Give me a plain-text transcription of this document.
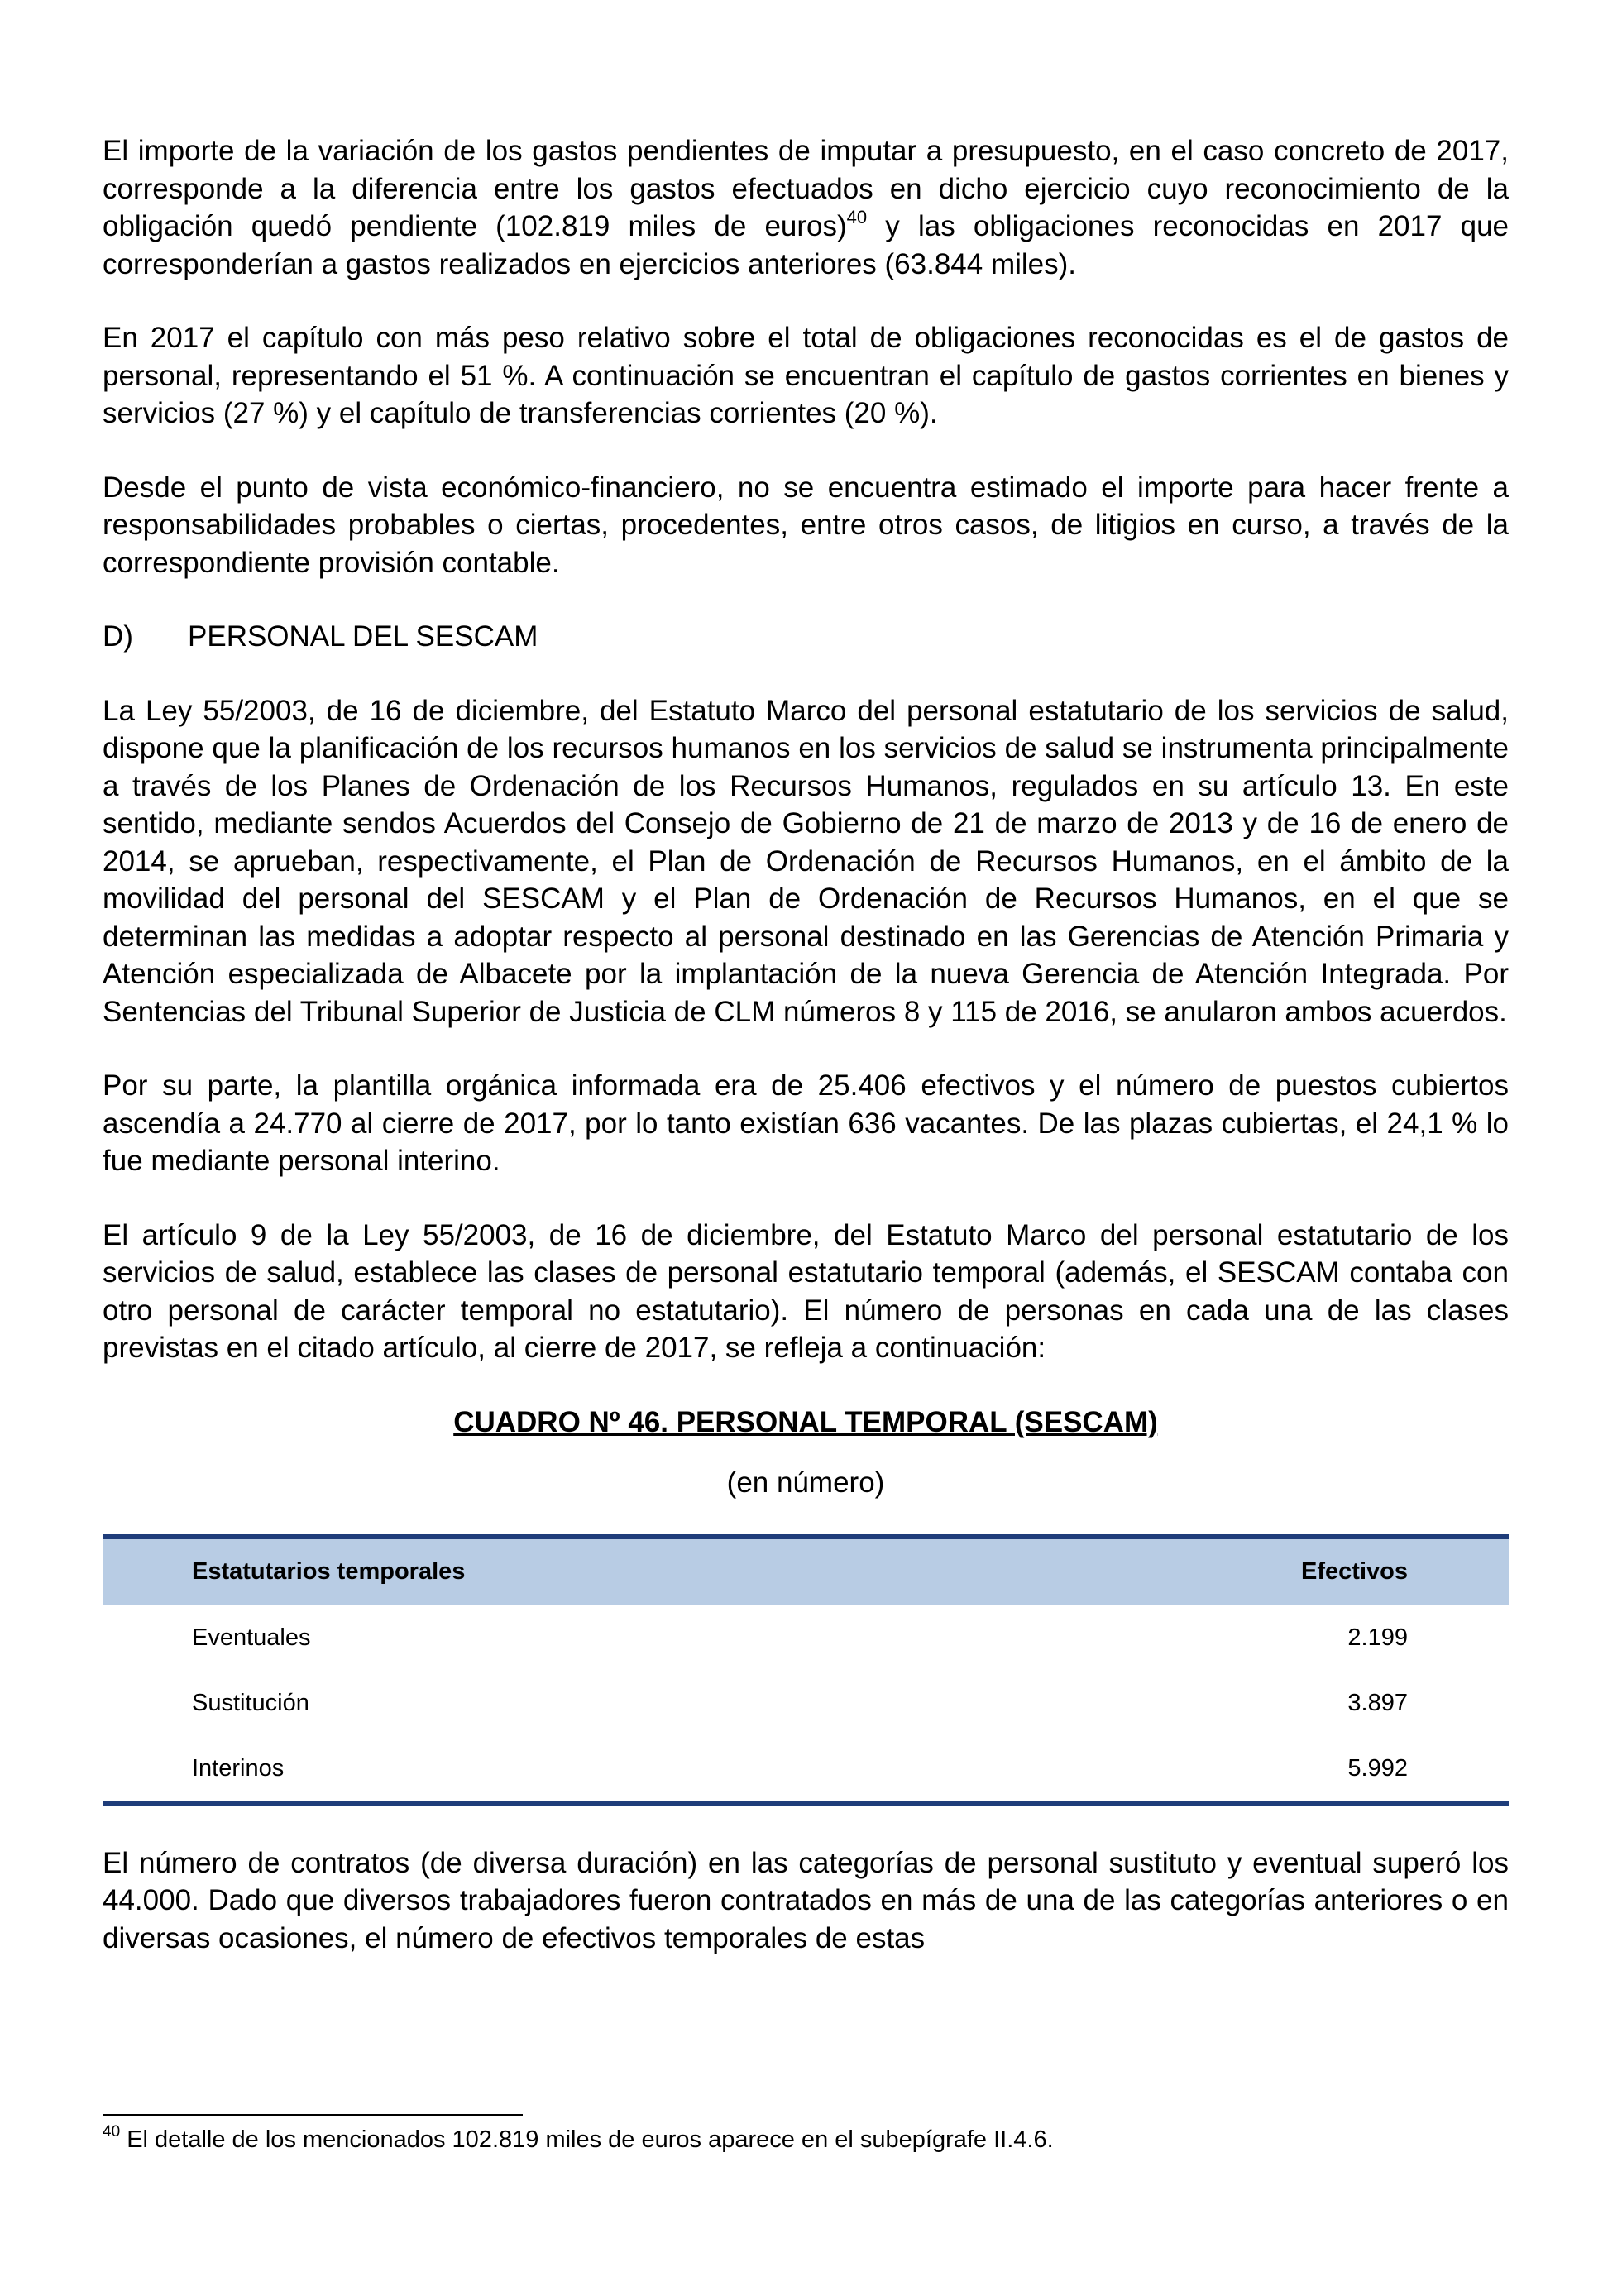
El importe de la variación de los gastos pendientes de imputar a presupuesto, en el caso concreto de 2017, corresponde a la diferencia entre los gastos efectuados en dicho ejercicio cuyo reconocimiento de la obligación quedó pendiente (102.819 miles de euros)$^{40}$ y las obligaciones reconocidas en 2017 que corresponderían a gastos realizados en ejercicios anteriores (63.844 miles).

En 2017 el capítulo con más peso relativo sobre el total de obligaciones reconocidas es el de gastos de personal, representando el 51 %. A continuación se encuentran el capítulo de gastos corrientes en bienes y servicios (27 %) y el capítulo de transferencias corrientes (20 %).

Desde el punto de vista económico-financiero, no se encuentra estimado el importe para hacer frente a responsabilidades probables o ciertas, procedentes, entre otros casos, de litigios en curso, a través de la correspondiente provisión contable.

D)	PERSONAL DEL SESCAM

La Ley 55/2003, de 16 de diciembre, del Estatuto Marco del personal estatutario de los servicios de salud, dispone que la planificación de los recursos humanos en los servicios de salud se instrumenta principalmente a través de los Planes de Ordenación de los Recursos Humanos, regulados en su artículo 13. En este sentido, mediante sendos Acuerdos del Consejo de Gobierno de 21 de marzo de 2013 y de 16 de enero de 2014, se aprueban, respectivamente, el Plan de Ordenación de Recursos Humanos, en el ámbito de la movilidad del personal del SESCAM y el Plan de Ordenación de Recursos Humanos, en el que se determinan las medidas a adoptar respecto al personal destinado en las Gerencias de Atención Primaria y Atención especializada de Albacete por la implantación de la nueva Gerencia de Atención Integrada. Por Sentencias del Tribunal Superior de Justicia de CLM números 8 y 115 de 2016, se anularon ambos acuerdos.

Por su parte, la plantilla orgánica informada era de 25.406 efectivos y el número de puestos cubiertos ascendía a 24.770 al cierre de 2017, por lo tanto existían 636 vacantes. De las plazas cubiertas, el 24,1 % lo fue mediante personal interino.

El artículo 9 de la Ley 55/2003, de 16 de diciembre, del Estatuto Marco del personal estatutario de los servicios de salud, establece las clases de personal estatutario temporal (además, el SESCAM contaba con otro personal de carácter temporal no estatutario). El número de personas en cada una de las clases previstas en el citado artículo, al cierre de 2017, se refleja a continuación:

CUADRO Nº 46. PERSONAL TEMPORAL (SESCAM)
(en número)
Estatutarios temporales	Efectivos
Eventuales	2.199
Sustitución	3.897
Interinos	5.992

El número de contratos (de diversa duración) en las categorías de personal sustituto y eventual superó los 44.000. Dado que diversos trabajadores fueron contratados en más de una de las categorías anteriores o en diversas ocasiones, el número de efectivos temporales de estas

$^{40}$ El detalle de los mencionados 102.819 miles de euros aparece en el subepígrafe II.4.6.
